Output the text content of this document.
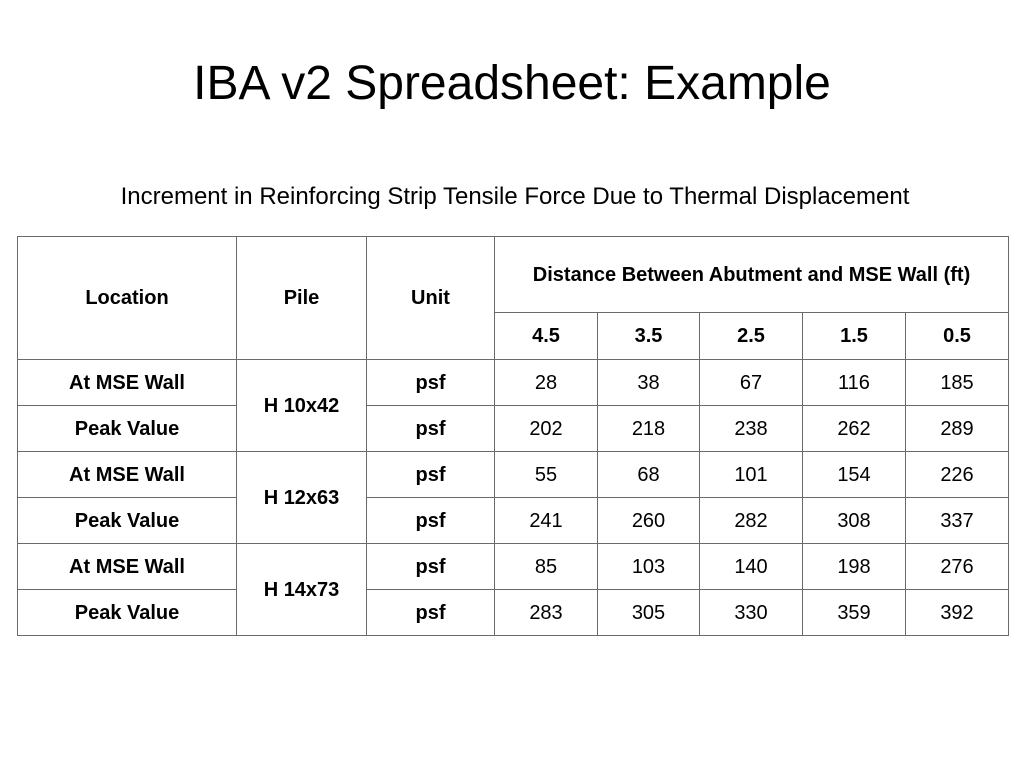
IBA v2 Spreadsheet: Example
Increment in Reinforcing Strip Tensile Force Due to Thermal Displacement
Location	Pile	Unit	Distance Between Abutment and MSE Wall (ft)				
			4.5	3.5	2.5	1.5	0.5
At MSE Wall	H 10x42	psf	28	38	67	116	185
Peak Value		psf	202	218	238	262	289
At MSE Wall	H 12x63	psf	55	68	101	154	226
Peak Value		psf	241	260	282	308	337
At MSE Wall	H 14x73	psf	85	103	140	198	276
Peak Value		psf	283	305	330	359	392
